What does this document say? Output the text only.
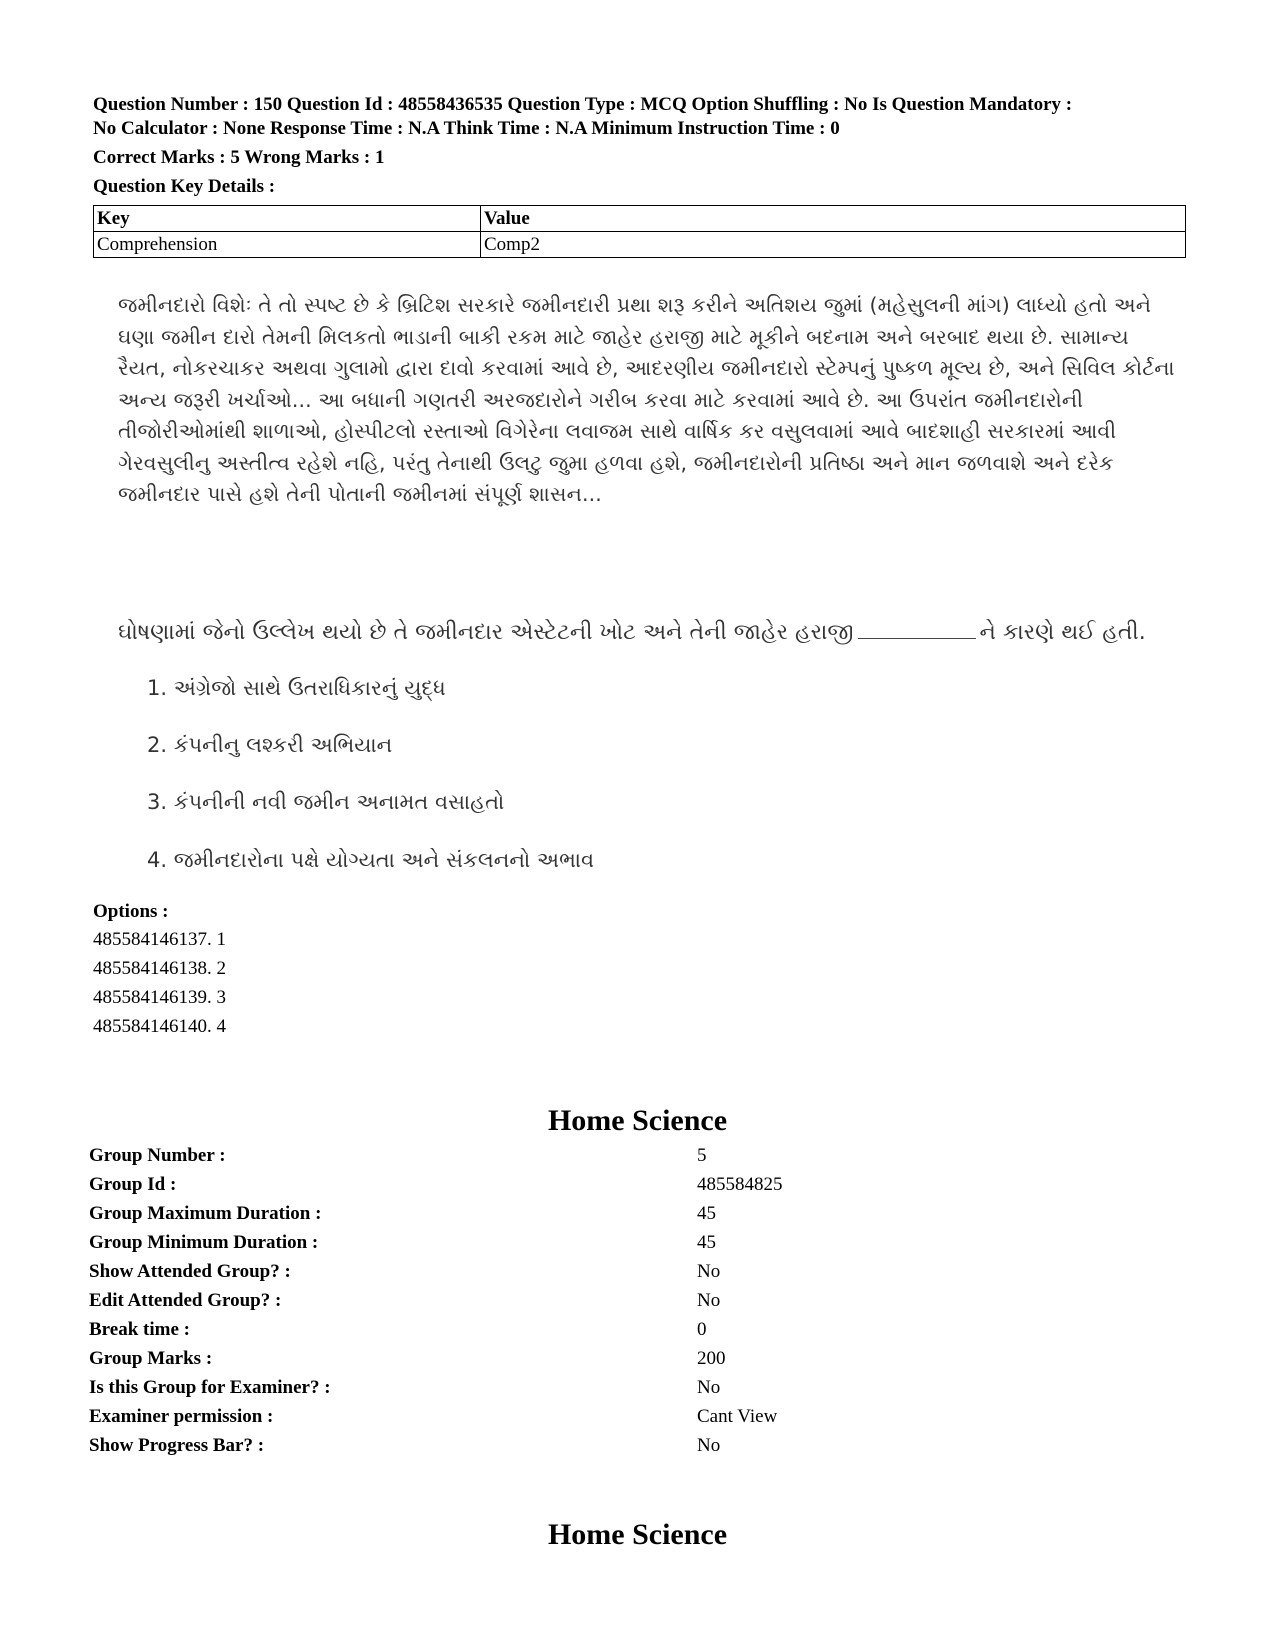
Question Number : 150 Question Id : 48558436535 Question Type : MCQ Option Shuffling : No Is Question Mandatory :
No Calculator : None Response Time : N.A Think Time : N.A Minimum Instruction Time : 0
Correct Marks : 5 Wrong Marks : 1
Question Key Details :
Key	Value
Comprehension	Comp2
જમીનદારો વિશેઃ તે તો સ્પષ્ટ છે કે બ્રિટિશ સરકારે જમીનદારી પ્રથા શરૂ કરીને અતિશય જુમાં (મહેસુલની માંગ) લાધ્યો હતો અને ઘણા જમીન દારો તેમની મિલકતો ભાડાની બાકી રકમ માટે જાહેર હરાજી માટે મૂકીને બદનામ અને બરબાદ થયા છે. સામાન્ય રૈયત, નોકરચાકર અથવા ગુલામો દ્વારા દાવો કરવામાં આવે છે, આદરણીય જમીનદારો સ્ટેમ્પનું પુષ્કળ મૂલ્ય છે, અને સિવિલ કોર્ટના અન્ય જરૂરી ખર્ચાઓ... આ બધાની ગણતરી અરજદારોને ગરીબ કરવા માટે કરવામાં આવે છે. આ ઉપરાંત જમીનદારોની તીજોરીઓમાંથી શાળાઓ, હોસ્પીટલો રસ્તાઓ વિગેરેના લવાજમ સાથે વાર્ષિક કર વસુલવામાં આવે બાદશાહી સરકારમાં આવી ગેરવસુલીનુ અસ્તીત્વ રહેશે નહિ, પરંતુ તેનાથી ઉલટુ જુમા હળવા હશે, જમીનદારોની પ્રતિષ્ઠા અને માન જળવાશે અને દરેક જમીનદાર પાસે હશે તેની પોતાની જમીનમાં સંપૂર્ણ શાસન...
ઘોષણામાં જેનો ઉલ્લેખ થયો છે તે જમીનદાર એસ્ટેટની ખોટ અને તેની જાહેર હરાજી	ને કારણે થઈ હતી.
1. અંગ્રેજો સાથે ઉતરાધિકારનું યુદ્ધ
2. કંપનીનુ લશ્કરી અભિયાન
3. કંપનીની નવી જમીન અનામત વસાહતો
4. જમીનદારોના પક્ષે યોગ્યતા અને સંકલનનો અભાવ
Options :
485584146137. 1
485584146138. 2
485584146139. 3
485584146140. 4
Home Science
Group Number :	5
Group Id :	485584825
Group Maximum Duration :	45
Group Minimum Duration :	45
Show Attended Group? :	No
Edit Attended Group? :	No
Break time :	0
Group Marks :	200
Is this Group for Examiner? :	No
Examiner permission :	Cant View
Show Progress Bar? :	No
Home Science
